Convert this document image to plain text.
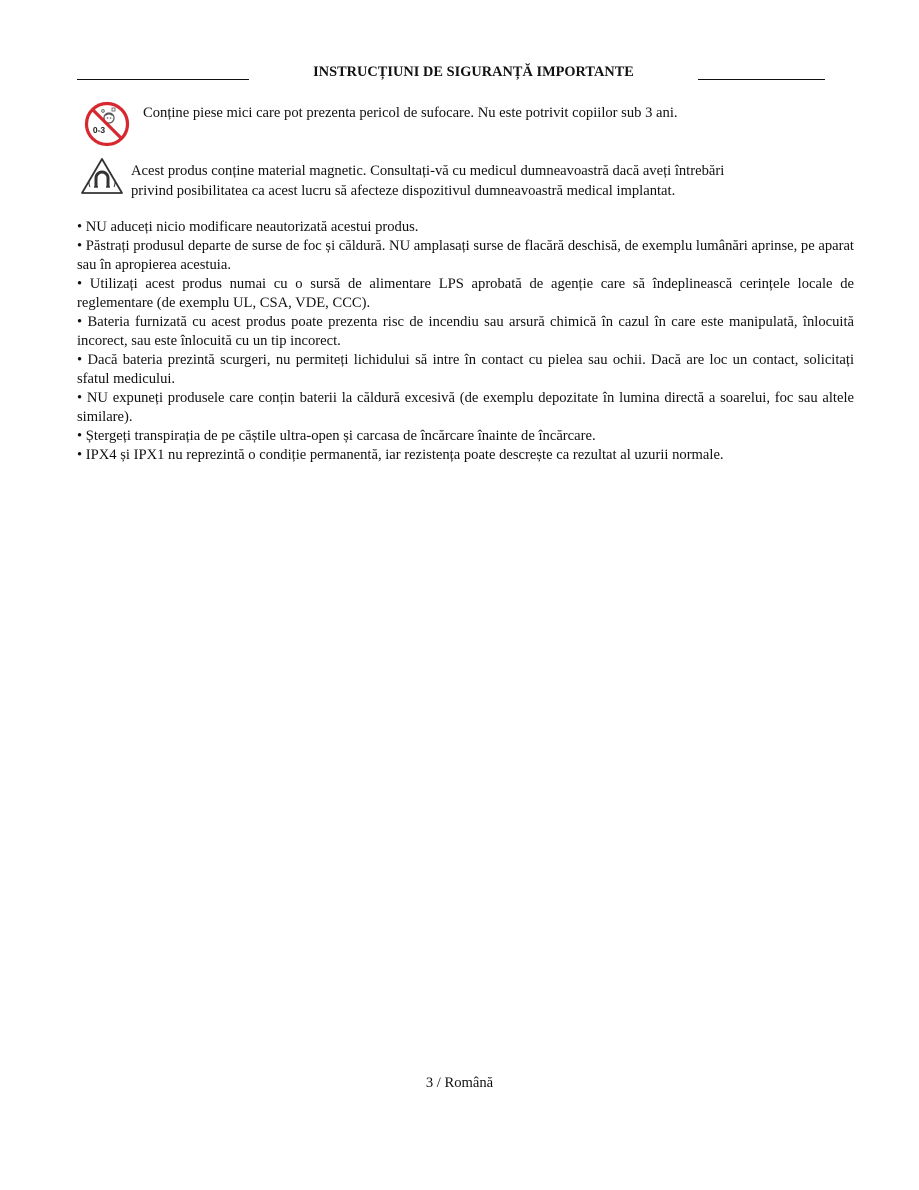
INSTRUCȚIUNI DE SIGURANȚĂ IMPORTANTE
0-3
Conține piese mici care pot prezenta pericol de sufocare. Nu este potrivit copiilor sub 3 ani.
Acest produs conține material magnetic. Consultați-vă cu medicul dumneavoastră dacă aveți întrebări
privind posibilitatea ca acest lucru să afecteze dispozitivul dumneavoastră medical implantat.
• NU aduceți nicio modificare neautorizată acestui produs.
• Păstrați produsul departe de surse de foc și căldură. NU amplasați surse de flacără deschisă, de exemplu lumânări aprinse, pe aparat sau în apropierea acestuia.
• Utilizați acest produs numai cu o sursă de alimentare LPS aprobată de agenție care să îndeplinească cerințele locale de reglementare (de exemplu UL, CSA, VDE, CCC).
• Bateria furnizată cu acest produs poate prezenta risc de incendiu sau arsură chimică în cazul în care este manipulată, înlocuită incorect, sau este înlocuită cu un tip incorect.
• Dacă bateria prezintă scurgeri, nu permiteți lichidului să intre în contact cu pielea sau ochii. Dacă are loc un contact, solicitați sfatul medicului.
• NU expuneți produsele care conțin baterii la căldură excesivă (de exemplu depozitate în lumina directă a soarelui, foc sau altele similare).
• Ștergeți transpirația de pe căștile ultra-open și carcasa de încărcare înainte de încărcare.
• IPX4 și IPX1 nu reprezintă o condiție permanentă, iar rezistența poate descrește ca rezultat al uzurii normale.
3 / Română
